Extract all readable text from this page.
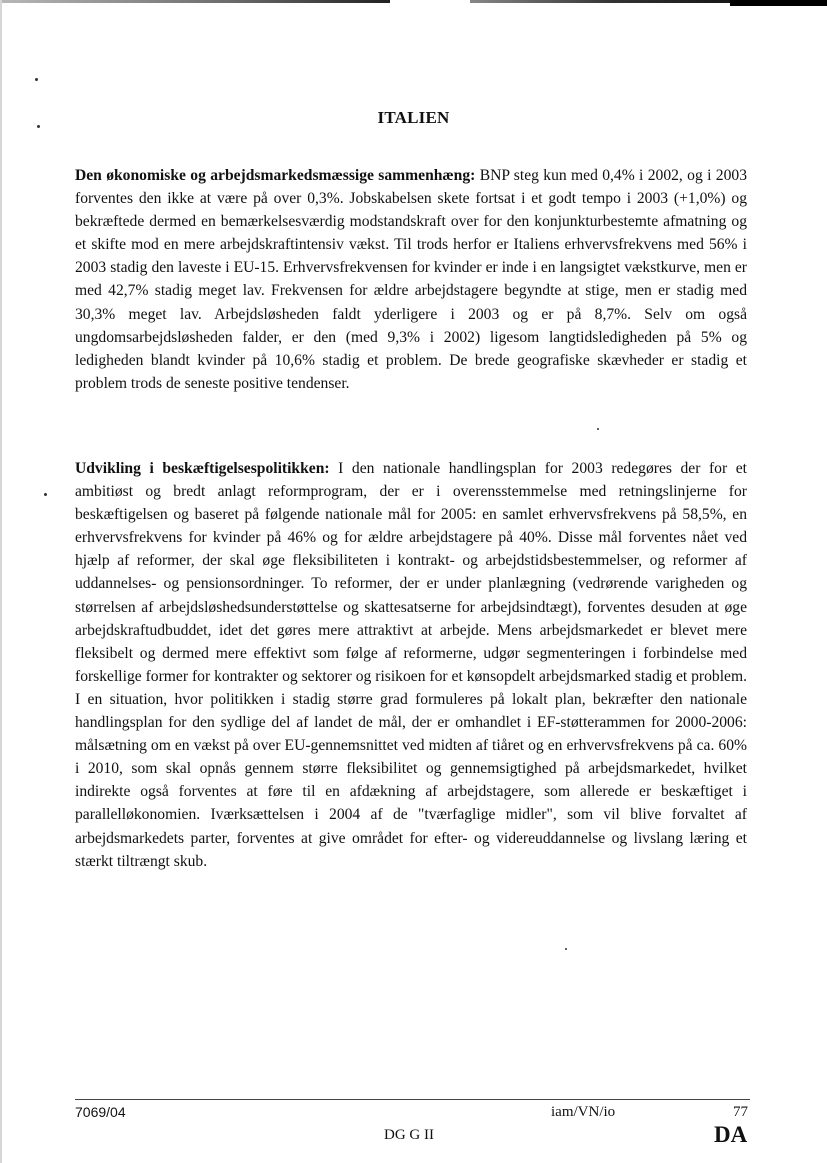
ITALIEN

Den økonomiske og arbejdsmarkedsmæssige sammenhæng: BNP steg kun med 0,4% i 2002, og i 2003 forventes den ikke at være på over 0,3%. Jobskabelsen skete fortsat i et godt tempo i 2003 (+1,0%) og bekræftede dermed en bemærkelsesværdig modstandskraft over for den konjunkturbestemte afmatning og et skifte mod en mere arbejdskraftintensiv vækst. Til trods herfor er Italiens erhvervsfrekvens med 56% i 2003 stadig den laveste i EU-15. Erhvervsfrekvensen for kvinder er inde i en langsigtet vækstkurve, men er med 42,7% stadig meget lav. Frekvensen for ældre arbejdstagere begyndte at stige, men er stadig med 30,3% meget lav. Arbejdsløsheden faldt yderligere i 2003 og er på 8,7%. Selv om også ungdomsarbejdsløsheden falder, er den (med 9,3% i 2002) ligesom langtidsledigheden på 5% og ledigheden blandt kvinder på 10,6% stadig et problem. De brede geografiske skævheder er stadig et problem trods de seneste positive tendenser.

Udvikling i beskæftigelsespolitikken: I den nationale handlingsplan for 2003 redegøres der for et ambitiøst og bredt anlagt reformprogram, der er i overensstemmelse med retningslinjerne for beskæftigelsen og baseret på følgende nationale mål for 2005: en samlet erhvervsfrekvens på 58,5%, en erhvervsfrekvens for kvinder på 46% og for ældre arbejdstagere på 40%. Disse mål forventes nået ved hjælp af reformer, der skal øge fleksibiliteten i kontrakt- og arbejdstidsbestemmelser, og reformer af uddannelses- og pensionsordninger. To reformer, der er under planlægning (vedrørende varigheden og størrelsen af arbejdsløshedsunderstøttelse og skattesatserne for arbejdsindtægt), forventes desuden at øge arbejdskraftudbuddet, idet det gøres mere attraktivt at arbejde. Mens arbejdsmarkedet er blevet mere fleksibelt og dermed mere effektivt som følge af reformerne, udgør segmenteringen i forbindelse med forskellige former for kontrakter og sektorer og risikoen for et kønsopdelt arbejdsmarked stadig et problem. I en situation, hvor politikken i stadig større grad formuleres på lokalt plan, bekræfter den nationale handlingsplan for den sydlige del af landet de mål, der er omhandlet i EF-støtterammen for 2000-2006: målsætning om en vækst på over EU-gennemsnittet ved midten af tiåret og en erhvervsfrekvens på ca. 60% i 2010, som skal opnås gennem større fleksibilitet og gennemsigtighed på arbejdsmarkedet, hvilket indirekte også forventes at føre til en afdækning af arbejdstagere, som allerede er beskæftiget i parallelløkonomien. Iværksættelsen i 2004 af de "tværfaglige midler", som vil blive forvaltet af arbejdsmarkedets parter, forventes at give området for efter- og videreuddannelse og livslang læring et stærkt tiltrængt skub.

7069/04	iam/VN/io	77
DG G II	DA
